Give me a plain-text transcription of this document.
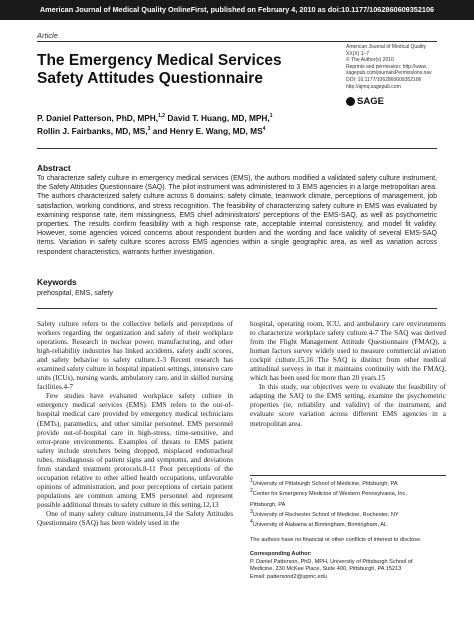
American Journal of Medical Quality OnlineFirst, published on February 4, 2010 as doi:10.1177/1062860609352106
Article
The Emergency Medical Services Safety Attitudes Questionnaire
American Journal of Medical Quality
XX(X) 1–7
© The Author(s) 2010
Reprints and permission: http://www.
sagepub.com/journalsPermissions.nav
DOI: 10.1177/1062860609352106
http://ajmq.sagepub.com
SAGE
P. Daniel Patterson, PhD, MPH,$^{1,2}$ David T. Huang, MD, MPH,$^1$
Rollin J. Fairbanks, MD, MS,$^3$ and Henry E. Wang, MD, $MS^4$
Abstract
To characterize safety culture in emergency medical services (EMS), the authors modified a validated safety culture instrument, the Safety Attitudes Questionnaire (SAQ). The pilot instrument was administered to 3 EMS agencies in a large metropolitan area. The authors characterized safety culture across 6 domains: safety climate, teamwork climate, perceptions of management, job satisfaction, working conditions, and stress recognition. The feasibility of characterizing safety culture in EMS was evaluated by examining response rate, item missingness, EMS chief administrators' perceptions of the EMS-SAQ, as well as psychometric properties. The results confirm feasibility with a high response rate, acceptable internal consistency, and model fit validity. However, some agencies voiced concerns about respondent burden and the wording and face validity of several EMS-SAQ items. Variation in safety culture scores across EMS agencies within a single geographic area, as well as variation across respondent characteristics, warrants further investigation.
Keywords
prehospital, EMS, safety

Safety culture refers to the collective beliefs and perceptions of workers regarding the organization and safety of their workplace operations. Research in nuclear power, manufacturing, and other high-reliability industries has linked accidents, safety audit scores, and safety behavior to safety culture.1-3 Recent research has examined safety culture in hospital inpatient settings, intensive care units (ICUs), nursing wards, ambulatory care, and in skilled nursing facilities.4-7

Few studies have evaluated workplace safety culture in emergency medical services (EMS). EMS refers to the out-of-hospital medical care provided by emergency medical technicians (EMTs), paramedics, and other similar personnel. EMS personnel provide out-of-hospital care in high-stress, time-sensitive, and error-prone environments. Examples of threats to EMS patient safety include stretchers being dropped, misplaced endotracheal tubes, misdiagnosis of patient signs and symptoms, and deviations from standard treatment protocols.8-11 Poor perceptions of the occupation relative to other allied health occupations, unfavorable opinions of administration, and poor perceptions of certain patient populations are common among EMS personnel and represent possible additional threats to safety culture in this setting.12,13

One of many safety culture instruments,14 the Safety Attitudes Questionnaire (SAQ) has been widely used in the

hospital, operating room, ICU, and ambulatory care environments to characterize workplace safety culture.4-7 The SAQ was derived from the Flight Management Attitude Questionnaire (FMAQ), a human factors survey widely used to measure commercial aviation cockpit culture.15,16 The SAQ is distinct from other medical attitudinal surveys in that it maintains continuity with the FMAQ, which has been used for more than 20 years.15

In this study, our objectives were to evaluate the feasibility of adapting the SAQ to the EMS setting, examine the psychometric properties (ie, reliability and validity) of the instrument, and evaluate score variation across different EMS agencies in a metropolitan area.

$^1$University of Pittsburgh School of Medicine, Pittsburgh, PA
$^2$Center for Emergency Medicine of Western Pennsylvania, Inc,
Pittsburgh, PA
$^3$University of Rochester School of Medicine, Rochester, NY
$^4$University of Alabama at Birmingham, Birmingham, AL
The authors have no financial or other conflicts of interest to disclose.
Corresponding Author:
P. Daniel Patterson, PhD, MPH, University of Pittsburgh School of
Medicine, 230 McKee Place, Suite 400, Pittsburgh, PA 15213
Email: pattersond2@upmc.edu
